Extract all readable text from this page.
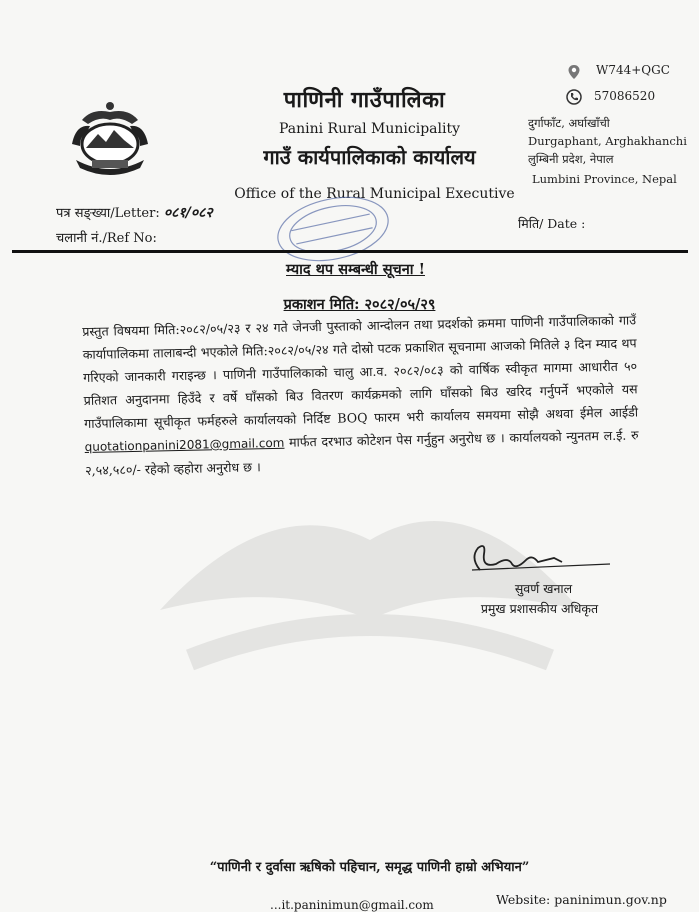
पाणिनी गाउँपालिका
Panini Rural Municipality
गाउँ कार्यपालिकाको कार्यालय
Office of the Rural Municipal Executive
W744+QGC
57086520
दुर्गाफाँट, अर्घाखाँची
Durgaphant, Arghakhanchi
लुम्बिनी प्रदेश, नेपाल
Lumbini Province, Nepal
पत्र सङ्ख्या/Letter: ०८१/०८२
चलानी नं./Ref No:
मिति/ Date :
म्याद थप सम्बन्धी सूचना !
प्रकाशन मिति: २०८२/०५/२९
प्रस्तुत विषयमा मिति:२०८२/०५/२३ र २४ गते जेनजी पुस्ताको आन्दोलन तथा प्रदर्शको क्रममा पाणिनी गाउँपालिकाको गाउँ कार्यापालिकमा तालाबन्दी भएकोले मिति:२०८२/०५/२४ गते दोस्रो पटक प्रकाशित सूचनामा आजको मितिले ३ दिन म्याद थप गरिएको जानकारी गराइन्छ । पाणिनी गाउँपालिकाको चालु आ.व. २०८२/०८३ को वार्षिक स्वीकृत मागमा आधारीत ५० प्रतिशत अनुदानमा हिउँदे र वर्षे घाँसको बिउ वितरण कार्यक्रमको लागि घाँसको बिउ खरिद गर्नुपर्ने भएकोले यस गाउँपालिकामा सूचीकृत फर्महरुले कार्यालयको निर्दिष्ट BOQ फारम भरी कार्यालय समयमा सोझै अथवा ईमेल आईडी quotationpanini2081@gmail.com मार्फत दरभाउ कोटेशन पेस गर्नुहुन अनुरोध छ । कार्यालयको न्युनतम ल.ई. रु २,५४,५८०/- रहेको व्हहोरा अनुरोध छ ।
सुवर्ण खनाल
प्रमुख प्रशासकीय अधिकृत
“पाणिनी र दुर्वासा ऋषिको पहिचान, समृद्ध पाणिनी हाम्रो अभियान”
...it.paninimun@gmail.com	Website: paninimun.gov.np
